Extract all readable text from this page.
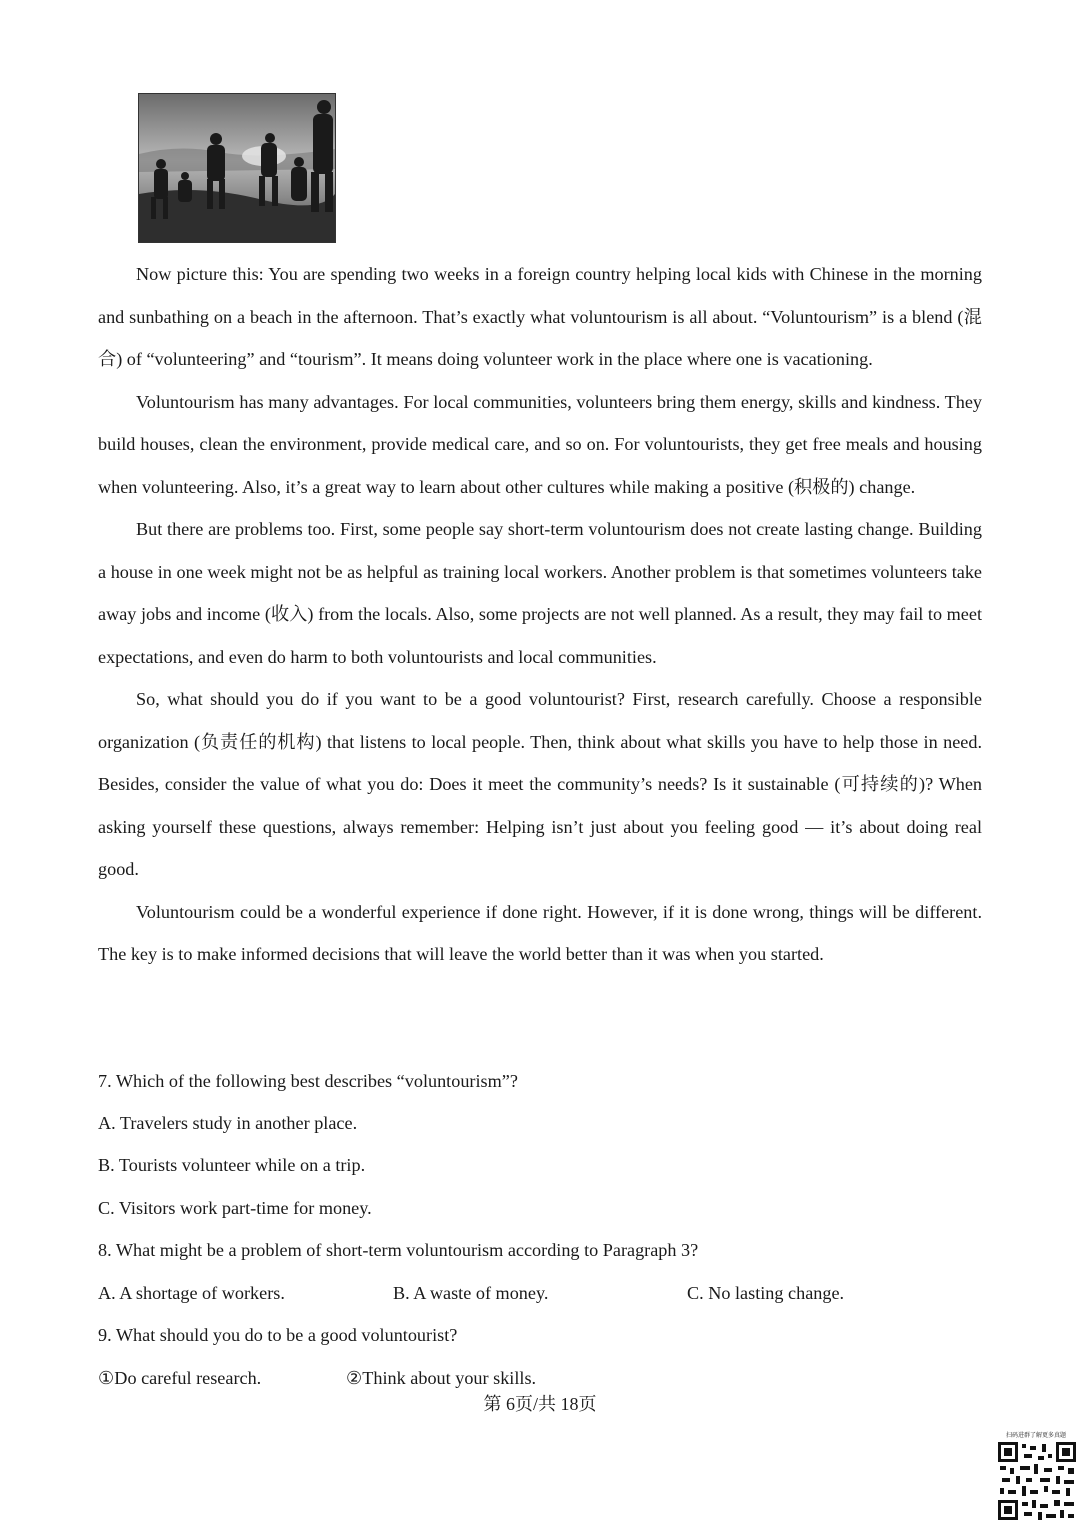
Now picture this: You are spending two weeks in a foreign country helping local kids with Chinese in the morning and sunbathing on a beach in the afternoon. That’s exactly what voluntourism is all about. “Voluntourism” is a blend (混合) of “volunteering” and “tourism”. It means doing volunteer work in the place where one is vacationing.

Voluntourism has many advantages. For local communities, volunteers bring them energy, skills and kindness. They build houses, clean the environment, provide medical care, and so on. For voluntourists, they get free meals and housing when volunteering. Also, it’s a great way to learn about other cultures while making a positive (积极的) change.

But there are problems too. First, some people say short-term voluntourism does not create lasting change. Building a house in one week might not be as helpful as training local workers. Another problem is that sometimes volunteers take away jobs and income (收入) from the locals. Also, some projects are not well planned. As a result, they may fail to meet expectations, and even do harm to both voluntourists and local communities.

So, what should you do if you want to be a good voluntourist? First, research carefully. Choose a responsible organization (负责任的机构) that listens to local people. Then, think about what skills you have to help those in need. Besides, consider the value of what you do: Does it meet the community’s needs? Is it sustainable (可持续的)? When asking yourself these questions, always remember: Helping isn’t just about you feeling good — it’s about doing real good.

Voluntourism could be a wonderful experience if done right. However, if it is done wrong, things will be different. The key is to make informed decisions that will leave the world better than it was when you started.

7. Which of the following best describes “voluntourism”?
A. Travelers study in another place.
B. Tourists volunteer while on a trip.
C. Visitors work part-time for money.
8. What might be a problem of short-term voluntourism according to Paragraph 3?
A. A shortage of workers.	B. A waste of money.	C. No lasting change.
9. What should you do to be a good voluntourist?
①Do careful research.	②Think about your skills.
第 6页/共 18页
扫码进群了解更多真题
